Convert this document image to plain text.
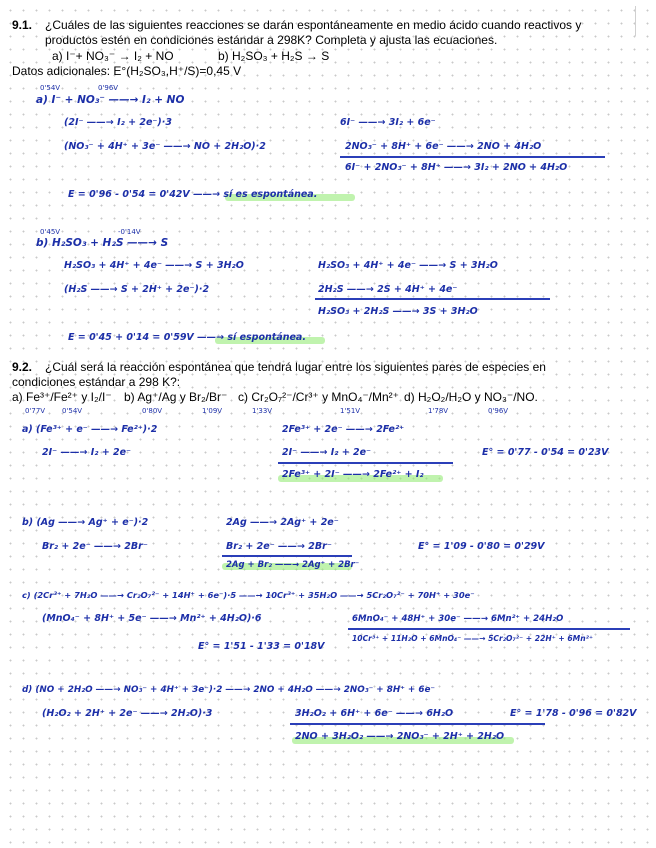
9.1. ¿Cuáles de las siguientes reacciones se darán espontáneamente en medio ácido cuando reactivos y
productos estén en condiciones estándar a 298K? Completa y ajusta las ecuaciones.
a) I⁻+ NO₃⁻ → I₂ + NO	b) H₂SO₃ + H₂S → S
Datos adicionales: E°(H₂SO₃,H⁺/S)=0,45 V
0'54V	0'96V
a) I⁻ + NO₃⁻ ——→ I₂ + NO
(2I⁻ ——→ I₂ + 2e⁻)·3	6I⁻ ——→ 3I₂ + 6e⁻
(NO₃⁻ + 4H⁺ + 3e⁻ ——→ NO + 2H₂O)·2	2NO₃⁻ + 8H⁺ + 6e⁻ ——→ 2NO + 4H₂O
6I⁻ + 2NO₃⁻ + 8H⁺ ——→ 3I₂ + 2NO + 4H₂O
E = 0'96 - 0'54 = 0'42V ——→ sí es espontánea.
0'45V	-0'14V
b) H₂SO₃ + H₂S ——→ S
H₂SO₃ + 4H⁺ + 4e⁻ ——→ S + 3H₂O	H₂SO₃ + 4H⁺ + 4e⁻ ——→ S + 3H₂O
(H₂S ——→ S + 2H⁺ + 2e⁻)·2	2H₂S ——→ 2S + 4H⁺ + 4e⁻
H₂SO₃ + 2H₂S ——→ 3S + 3H₂O
E = 0'45 + 0'14 = 0'59V ——→ sí espontánea.
9.2. ¿Cuál será la reacción espontánea que tendrá lugar entre los siguientes pares de especies en
condiciones estándar a 298 K?:
a) Fe³⁺/Fe²⁺ y I₂/I⁻ b) Ag⁺/Ag y Br₂/Br⁻ c) Cr₂O₇²⁻/Cr³⁺ y MnO₄⁻/Mn²⁺ d) H₂O₂/H₂O y NO₃⁻/NO.
0'77V 0'54V	0'80V	1'09V	1'33V	1'51V	1'78V	0'96V
a) (Fe³⁺ + e⁻ ——→ Fe²⁺)·2	2Fe³⁺ + 2e⁻ ——→ 2Fe²⁺
2I⁻ ——→ I₂ + 2e⁻	2I⁻ ——→ I₂ + 2e⁻	E° = 0'77 - 0'54 = 0'23V
2Fe³⁺ + 2I⁻ ——→ 2Fe²⁺ + I₂
b) (Ag ——→ Ag⁺ + e⁻)·2	2Ag ——→ 2Ag⁺ + 2e⁻
Br₂ + 2e⁻ ——→ 2Br⁻	Br₂ + 2e⁻ ——→ 2Br⁻
2Ag + Br₂ ——→ 2Ag⁺ + 2Br⁻
E° = 1'09 - 0'80 = 0'29V
c) (2Cr³⁺ + 7H₂O ——→ Cr₂O₇²⁻ + 14H⁺ + 6e⁻)·5 ——→ 10Cr³⁺ + 35H₂O ——→ 5Cr₂O₇²⁻ + 70H⁺ + 30e⁻
(MnO₄⁻ + 8H⁺ + 5e⁻ ——→ Mn²⁺ + 4H₂O)·6	6MnO₄⁻ + 48H⁺ + 30e⁻ ——→ 6Mn²⁺ + 24H₂O
10Cr³⁺ + 11H₂O + 6MnO₄⁻ ——→ 5Cr₂O₇²⁻ + 22H⁺ + 6Mn²⁺
E° = 1'51 - 1'33 = 0'18V
d) (NO + 2H₂O ——→ NO₃⁻ + 4H⁺ + 3e⁻)·2 ——→ 2NO + 4H₂O ——→ 2NO₃⁻ + 8H⁺ + 6e⁻
(H₂O₂ + 2H⁺ + 2e⁻ ——→ 2H₂O)·3	3H₂O₂ + 6H⁺ + 6e⁻ ——→ 6H₂O	E° = 1'78 - 0'96 = 0'82V
2NO + 3H₂O₂ ——→ 2NO₃⁻ + 2H⁺ + 2H₂O
